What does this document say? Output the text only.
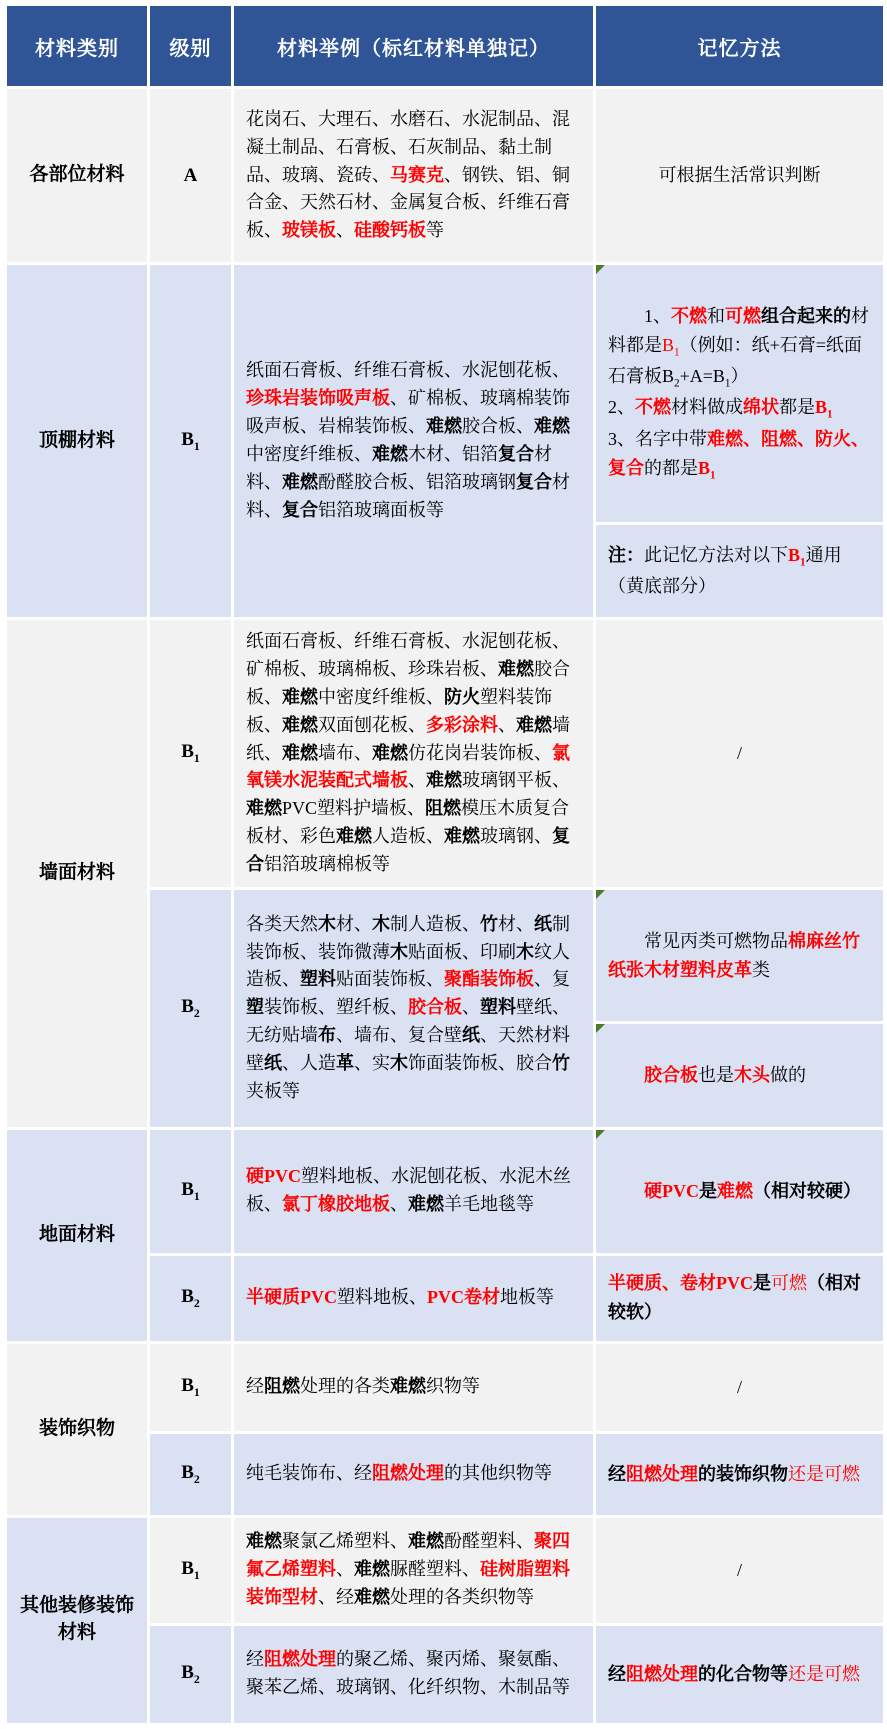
材料类别	级别	材料举例（标红材料单独记）	记忆方法
各部位材料	A	花岗石、大理石、水磨石、水泥制品、混凝土制品、石膏板、石灰制品、黏土制品、玻璃、瓷砖、马赛克、钢铁、铝、铜合金、天然石材、金属复合板、纤维石膏板、玻镁板、硅酸钙板等	可根据生活常识判断
顶棚材料	$B_1$	纸面石膏板、纤维石膏板、水泥刨花板、珍珠岩装饰吸声板、矿棉板、玻璃棉装饰吸声板、岩棉装饰板、难燃胶合板、难燃中密度纤维板、难燃木材、铝箔复合材料、难燃酚醛胶合板、铝箔玻璃钢复合材料、复合铝箔玻璃面板等	1、不燃和可燃组合起来的材料都是$B_1$（例如：纸+石膏=纸面石膏板$B_2+A=B_1$）
2、不燃材料做成绵状都是$B_1$
3、名字中带难燃、阻燃、防火、复合的都是$B_1$

			注：此记忆方法对以下$B_1$通用（黄底部分）
墙面材料	$B_1$	纸面石膏板、纤维石膏板、水泥刨花板、矿棉板、玻璃棉板、珍珠岩板、难燃胶合板、难燃中密度纤维板、防火塑料装饰板、难燃双面刨花板、多彩涂料、难燃墙纸、难燃墙布、难燃仿花岗岩装饰板、氯氧镁水泥装配式墙板、难燃玻璃钢平板、难燃PVC塑料护墙板、阻燃模压木质复合板材、彩色难燃人造板、难燃玻璃钢、复合铝箔玻璃棉板等	/
	$B_2$	各类天然木材、木制人造板、竹材、纸制装饰板、装饰微薄木贴面板、印刷木纹人造板、塑料贴面装饰板、聚酯装饰板、复塑装饰板、塑纤板、胶合板、塑料壁纸、无纺贴墙布、墙布、复合壁纸、天然材料壁纸、人造革、实木饰面装饰板、胶合竹夹板等	常见丙类可燃物品棉麻丝竹纸张木材塑料皮革类

胶合板也是木头做的

地面材料	$B_1$	硬PVC塑料地板、水泥刨花板、水泥木丝板、氯丁橡胶地板、难燃羊毛地毯等	硬PVC是难燃（相对较硬）

	$B_2$	半硬质PVC塑料地板、PVC卷材地板等	半硬质、卷材PVC是可燃（相对较软）
装饰织物	$B_1$	经阻燃处理的各类难燃织物等	/
	$B_2$	纯毛装饰布、经阻燃处理的其他织物等	经阻燃处理的装饰织物还是可燃
其他装修装饰材料	$B_1$	难燃聚氯乙烯塑料、难燃酚醛塑料、聚四氟乙烯塑料、难燃脲醛塑料、硅树脂塑料装饰型材、经难燃处理的各类织物等	/
	$B_2$	经阻燃处理的聚乙烯、聚丙烯、聚氨酯、聚苯乙烯、玻璃钢、化纤织物、木制品等	经阻燃处理的化合物等还是可燃
